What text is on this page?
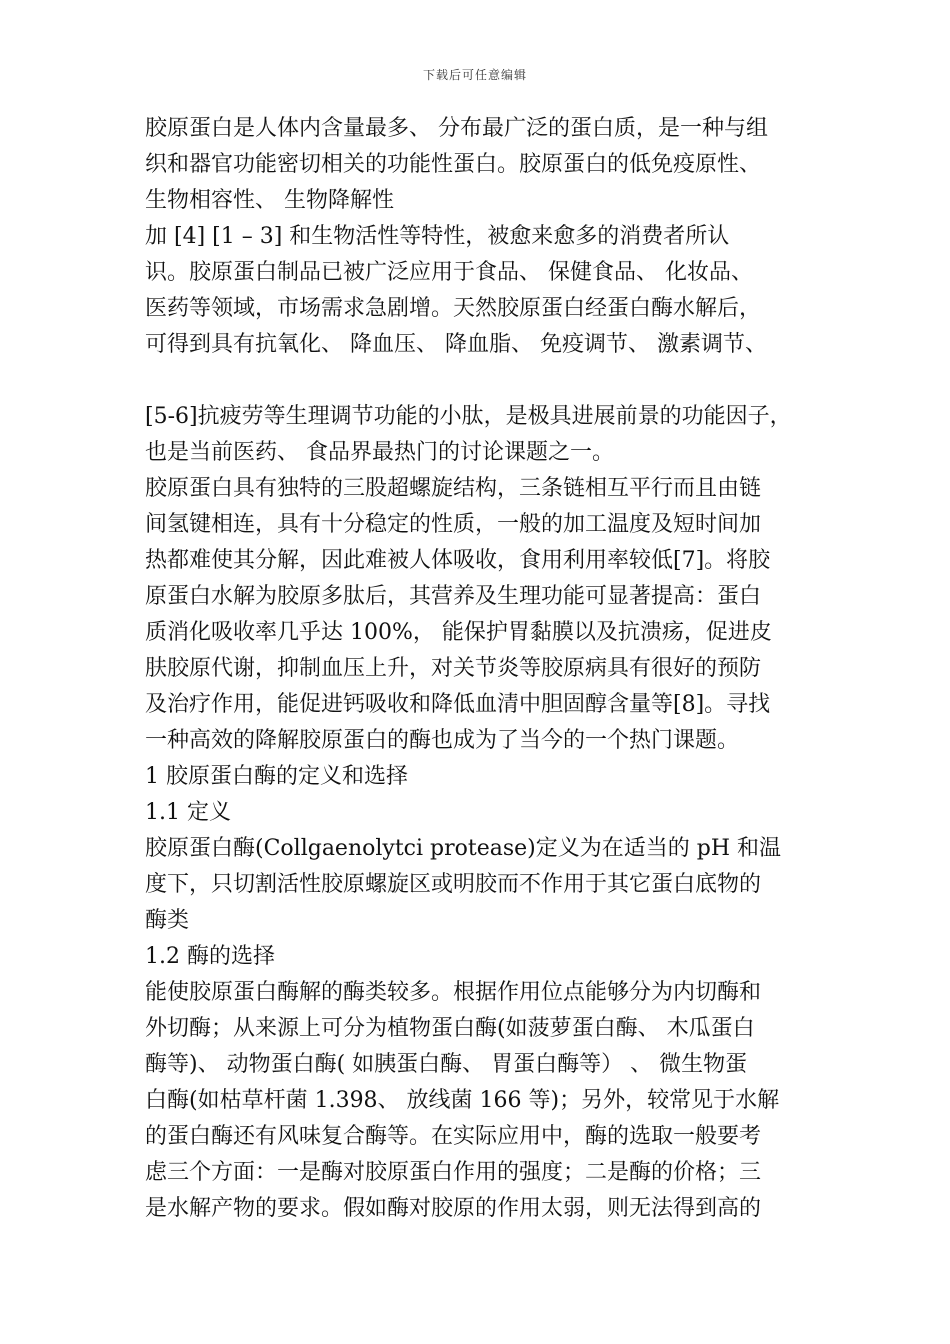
下载后可任意编辑
胶原蛋白是人体内含量最多、 分布最广泛的蛋白质，是一种与组
织和器官功能密切相关的功能性蛋白。胶原蛋白的低免疫原性、
生物相容性、 生物降解性
加 [4] [1 – 3] 和生物活性等特性，被愈来愈多的消费者所认
识。胶原蛋白制品已被广泛应用于食品、 保健食品、 化妆品、
医药等领域，市场需求急剧增。天然胶原蛋白经蛋白酶水解后，
可得到具有抗氧化、 降血压、 降血脂、 免疫调节、 激素调节、
[5-6]抗疲劳等生理调节功能的小肽，是极具进展前景的功能因子，
也是当前医药、 食品界最热门的讨论课题之一。
胶原蛋白具有独特的三股超螺旋结构，三条链相互平行而且由链
间氢键相连，具有十分稳定的性质，一般的加工温度及短时间加
热都难使其分解，因此难被人体吸收，食用利用率较低[7]。将胶
原蛋白水解为胶原多肽后，其营养及生理功能可显著提高：蛋白
质消化吸收率几乎达 100%， 能保护胃黏膜以及抗溃疡，促进皮
肤胶原代谢，抑制血压上升，对关节炎等胶原病具有很好的预防
及治疗作用，能促进钙吸收和降低血清中胆固醇含量等[8]。寻找
一种高效的降解胶原蛋白的酶也成为了当今的一个热门课题。
1 胶原蛋白酶的定义和选择
1.1 定义
胶原蛋白酶(Collgaenolytci protease)定义为在适当的 pH 和温
度下，只切割活性胶原螺旋区或明胶而不作用于其它蛋白底物的
酶类
1.2 酶的选择
能使胶原蛋白酶解的酶类较多。根据作用位点能够分为内切酶和
外切酶；从来源上可分为植物蛋白酶(如菠萝蛋白酶、 木瓜蛋白
酶等)、 动物蛋白酶( 如胰蛋白酶、 胃蛋白酶等） 、 微生物蛋
白酶(如枯草杆菌 1.398、 放线菌 166 等)；另外，较常见于水解
的蛋白酶还有风味复合酶等。在实际应用中，酶的选取一般要考
虑三个方面：一是酶对胶原蛋白作用的强度；二是酶的价格；三
是水解产物的要求。假如酶对胶原的作用太弱，则无法得到高的
